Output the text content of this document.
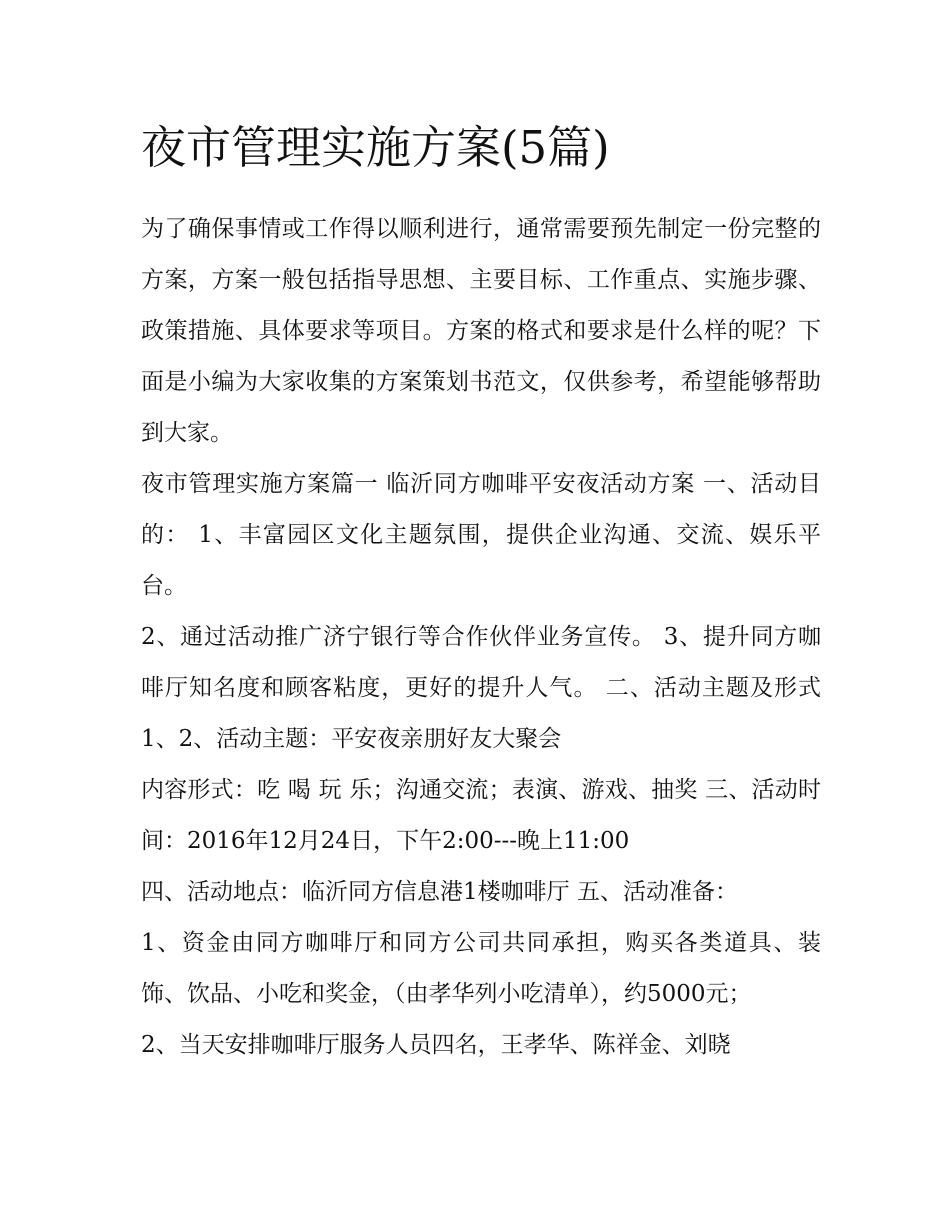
夜市管理实施方案(5篇)

为了确保事情或工作得以顺利进行，通常需要预先制定一份完整的方案，方案一般包括指导思想、主要目标、工作重点、实施步骤、政策措施、具体要求等项目。方案的格式和要求是什么样的呢？下面是小编为大家收集的方案策划书范文，仅供参考，希望能够帮助到大家。

夜市管理实施方案篇一 临沂同方咖啡平安夜活动方案 一、活动目的： 1、丰富园区文化主题氛围，提供企业沟通、交流、娱乐平台。

2、通过活动推广济宁银行等合作伙伴业务宣传。 3、提升同方咖啡厅知名度和顾客粘度，更好的提升人气。 二、活动主题及形式1、2、活动主题：平安夜亲朋好友大聚会

内容形式：吃 喝 玩 乐；沟通交流；表演、游戏、抽奖 三、活动时间：2016年12月24日，下午2:00---晚上11:00

四、活动地点：临沂同方信息港1楼咖啡厅 五、活动准备：

1、资金由同方咖啡厅和同方公司共同承担，购买各类道具、装饰、饮品、小吃和奖金，（由孝华列小吃清单），约5000元；

2、当天安排咖啡厅服务人员四名，王孝华、陈祥金、刘晓
